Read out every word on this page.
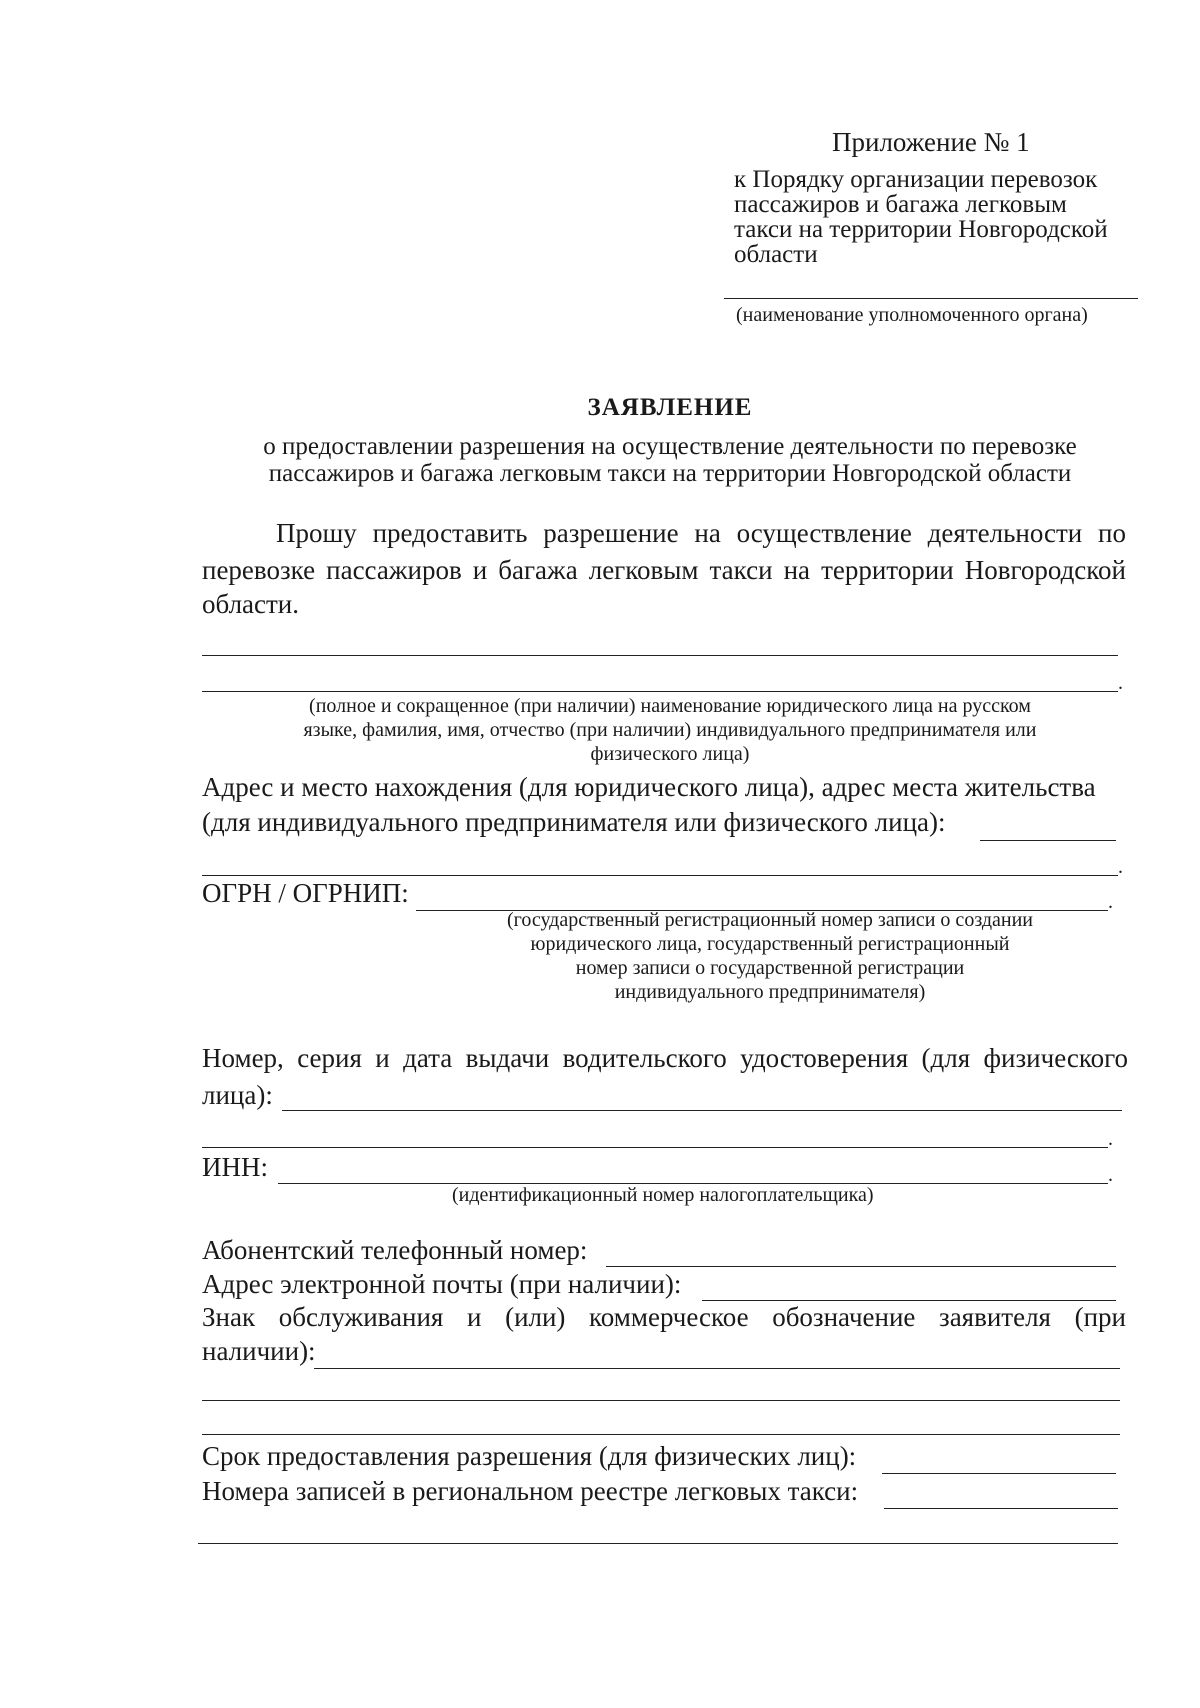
Приложение № 1
к Порядку организации перевозок
пассажиров и багажа легковым
такси на территории Новгородской
области
(наименование уполномоченного органа)
ЗАЯВЛЕНИЕ
о предоставлении разрешения на осуществление деятельности по перевозке
пассажиров и багажа легковым такси на территории Новгородской области
Прошу предоставить разрешение на осуществление деятельности по
перевозке пассажиров и багажа легковым такси на территории Новгородской
области.
.
(полное и сокращенное (при наличии) наименование юридического лица на русском
языке, фамилия, имя, отчество (при наличии) индивидуального предпринимателя или
физического лица)
Адрес и место нахождения (для юридического лица), адрес места жительства
(для индивидуального предпринимателя или физического лица):
.
ОГРН / ОГРНИП:	.
(государственный регистрационный номер записи о создании
юридического лица, государственный регистрационный
номер записи о государственной регистрации
индивидуального предпринимателя)
Номер, серия и дата выдачи водительского удостоверения (для физического
лица):
.
ИНН:	.
(идентификационный номер налогоплательщика)
Абонентский телефонный номер:
Адрес электронной почты (при наличии):
Знак обслуживания и (или) коммерческое обозначение заявителя (при
наличии):
Срок предоставления разрешения (для физических лиц):
Номера записей в региональном реестре легковых такси:
